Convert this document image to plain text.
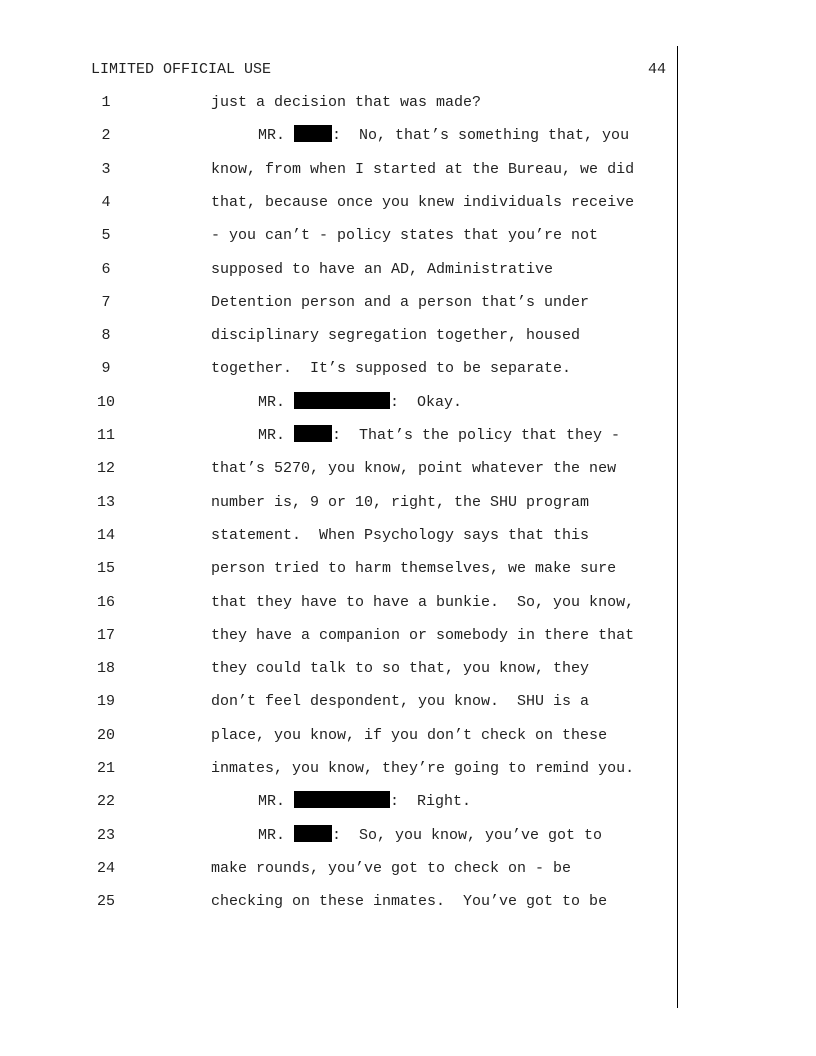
LIMITED OFFICIAL USE	44
1	just a decision that was made?
2	MR.	:  No, that’s something that, you
3	know, from when I started at the Bureau, we did
4	that, because once you knew individuals receive
5	- you can’t - policy states that you’re not
6	supposed to have an AD, Administrative
7	Detention person and a person that’s under
8	disciplinary segregation together, housed
9	together.  It’s supposed to be separate.
10	MR.	:  Okay.
11	MR.	:  That’s the policy that they -
12	that’s 5270, you know, point whatever the new
13	number is, 9 or 10, right, the SHU program
14	statement.  When Psychology says that this
15	person tried to harm themselves, we make sure
16	that they have to have a bunkie.  So, you know,
17	they have a companion or somebody in there that
18	they could talk to so that, you know, they
19	don’t feel despondent, you know.  SHU is a
20	place, you know, if you don’t check on these
21	inmates, you know, they’re going to remind you.
22	MR.	:  Right.
23	MR.	:  So, you know, you’ve got to
24	make rounds, you’ve got to check on - be
25	checking on these inmates.  You’ve got to be
